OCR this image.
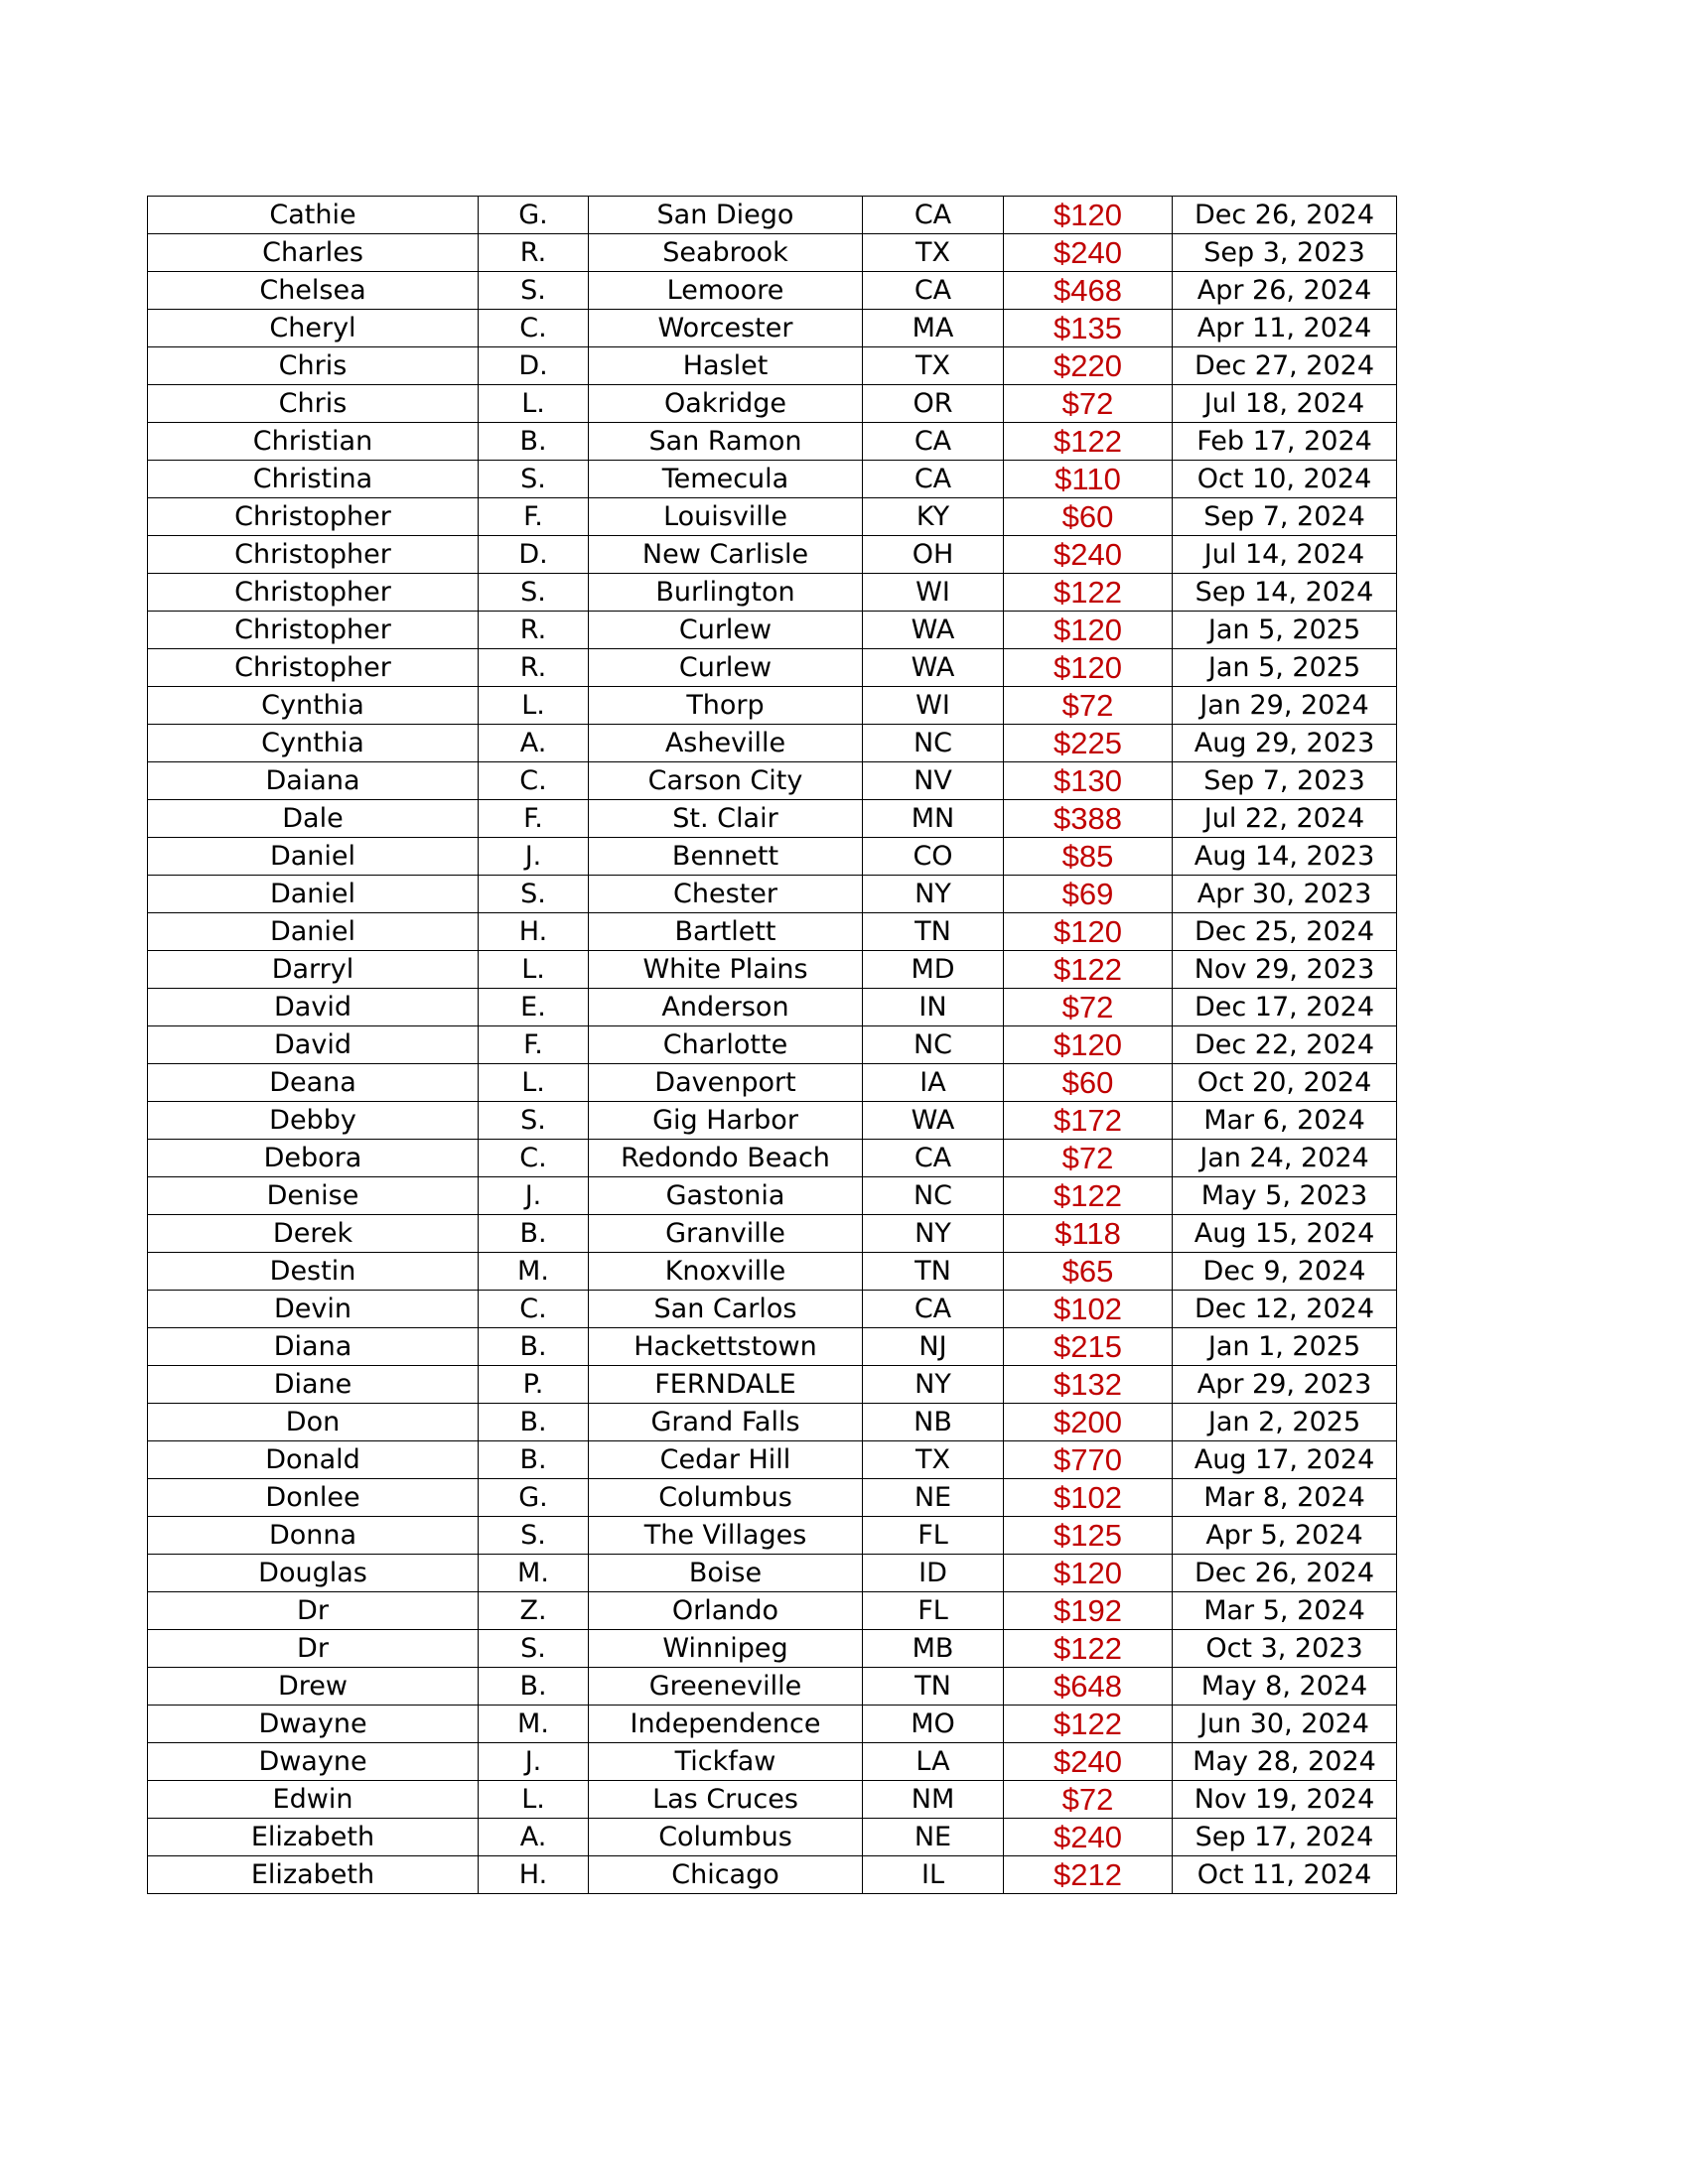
Cathie	G.	San Diego	CA	$120	Dec 26, 2024
Charles	R.	Seabrook	TX	$240	Sep 3, 2023
Chelsea	S.	Lemoore	CA	$468	Apr 26, 2024
Cheryl	C.	Worcester	MA	$135	Apr 11, 2024
Chris	D.	Haslet	TX	$220	Dec 27, 2024
Chris	L.	Oakridge	OR	$72	Jul 18, 2024
Christian	B.	San Ramon	CA	$122	Feb 17, 2024
Christina	S.	Temecula	CA	$110	Oct 10, 2024
Christopher	F.	Louisville	KY	$60	Sep 7, 2024
Christopher	D.	New Carlisle	OH	$240	Jul 14, 2024
Christopher	S.	Burlington	WI	$122	Sep 14, 2024
Christopher	R.	Curlew	WA	$120	Jan 5, 2025
Christopher	R.	Curlew	WA	$120	Jan 5, 2025
Cynthia	L.	Thorp	WI	$72	Jan 29, 2024
Cynthia	A.	Asheville	NC	$225	Aug 29, 2023
Daiana	C.	Carson City	NV	$130	Sep 7, 2023
Dale	F.	St. Clair	MN	$388	Jul 22, 2024
Daniel	J.	Bennett	CO	$85	Aug 14, 2023
Daniel	S.	Chester	NY	$69	Apr 30, 2023
Daniel	H.	Bartlett	TN	$120	Dec 25, 2024
Darryl	L.	White Plains	MD	$122	Nov 29, 2023
David	E.	Anderson	IN	$72	Dec 17, 2024
David	F.	Charlotte	NC	$120	Dec 22, 2024
Deana	L.	Davenport	IA	$60	Oct 20, 2024
Debby	S.	Gig Harbor	WA	$172	Mar 6, 2024
Debora	C.	Redondo Beach	CA	$72	Jan 24, 2024
Denise	J.	Gastonia	NC	$122	May 5, 2023
Derek	B.	Granville	NY	$118	Aug 15, 2024
Destin	M.	Knoxville	TN	$65	Dec 9, 2024
Devin	C.	San Carlos	CA	$102	Dec 12, 2024
Diana	B.	Hackettstown	NJ	$215	Jan 1, 2025
Diane	P.	FERNDALE	NY	$132	Apr 29, 2023
Don	B.	Grand Falls	NB	$200	Jan 2, 2025
Donald	B.	Cedar Hill	TX	$770	Aug 17, 2024
Donlee	G.	Columbus	NE	$102	Mar 8, 2024
Donna	S.	The Villages	FL	$125	Apr 5, 2024
Douglas	M.	Boise	ID	$120	Dec 26, 2024
Dr	Z.	Orlando	FL	$192	Mar 5, 2024
Dr	S.	Winnipeg	MB	$122	Oct 3, 2023
Drew	B.	Greeneville	TN	$648	May 8, 2024
Dwayne	M.	Independence	MO	$122	Jun 30, 2024
Dwayne	J.	Tickfaw	LA	$240	May 28, 2024
Edwin	L.	Las Cruces	NM	$72	Nov 19, 2024
Elizabeth	A.	Columbus	NE	$240	Sep 17, 2024
Elizabeth	H.	Chicago	IL	$212	Oct 11, 2024
